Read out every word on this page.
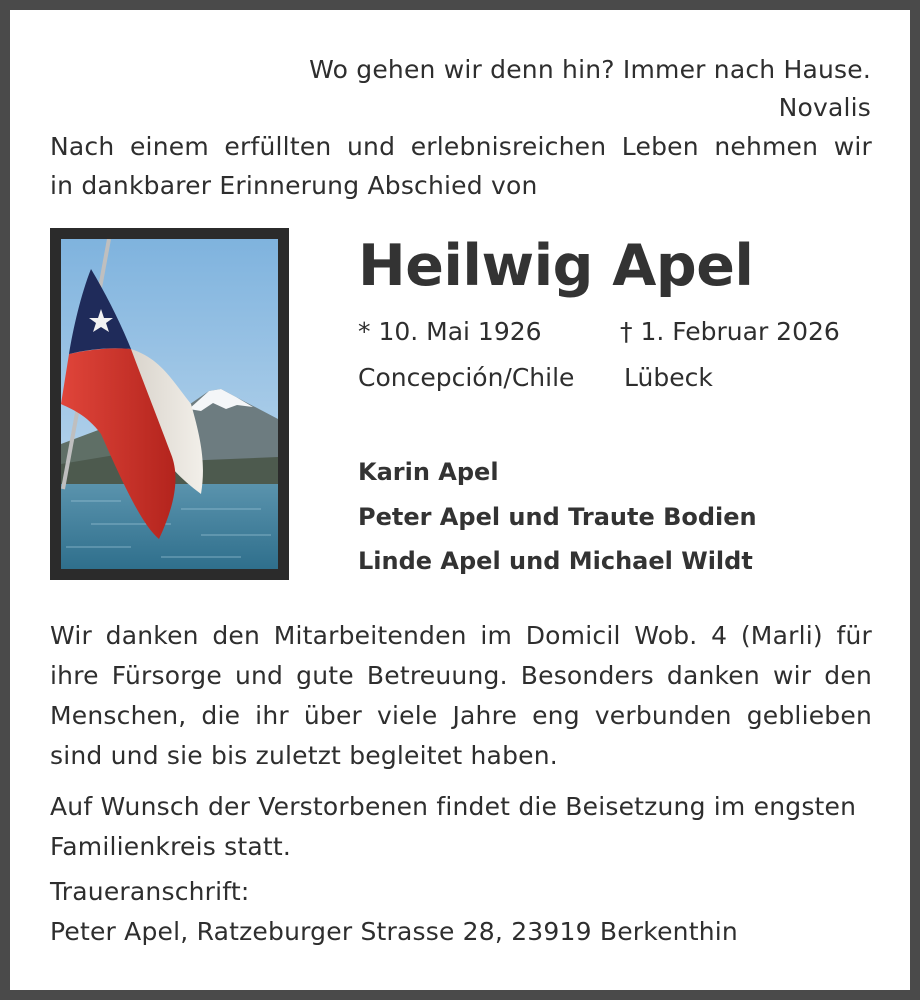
Wo gehen wir denn hin? Immer nach Hause.
Novalis
Nach einem erfüllten und erlebnisreichen Leben nehmen wir
in dankbarer Erinnerung Abschied von
Heilwig Apel
* 10. Mai 1926
Concepción/Chile
† 1. Februar 2026
Lübeck
Karin Apel
Peter Apel und Traute Bodien
Linde Apel und Michael Wildt
Wir danken den Mitarbeitenden im Domicil Wob. 4 (Marli) für
ihre Fürsorge und gute Betreuung. Besonders danken wir den
Menschen, die ihr über viele Jahre eng verbunden geblieben
sind und sie bis zuletzt begleitet haben.
Auf Wunsch der Verstorbenen findet die Beisetzung im engsten
Familienkreis statt.
Traueranschrift:
Peter Apel, Ratzeburger Strasse 28, 23919 Berkenthin
